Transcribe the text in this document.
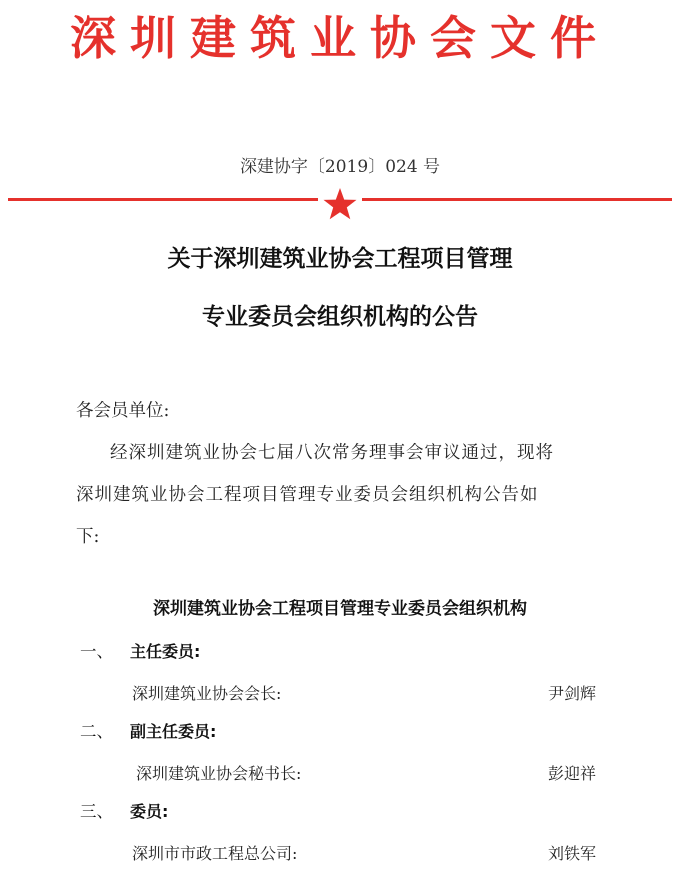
深圳建筑业协会文件
深建协字〔2019〕024 号
关于深圳建筑业协会工程项目管理
专业委员会组织机构的公告
各会员单位:
经深圳建筑业协会七届八次常务理事会审议通过，现将
深圳建筑业协会工程项目管理专业委员会组织机构公告如
下:
深圳建筑业协会工程项目管理专业委员会组织机构
一、 主任委员:
深圳建筑业协会会长:	尹剑辉
二、 副主任委员:
深圳建筑业协会秘书长:	彭迎祥
三、 委员:
深圳市市政工程总公司:	刘铁军
